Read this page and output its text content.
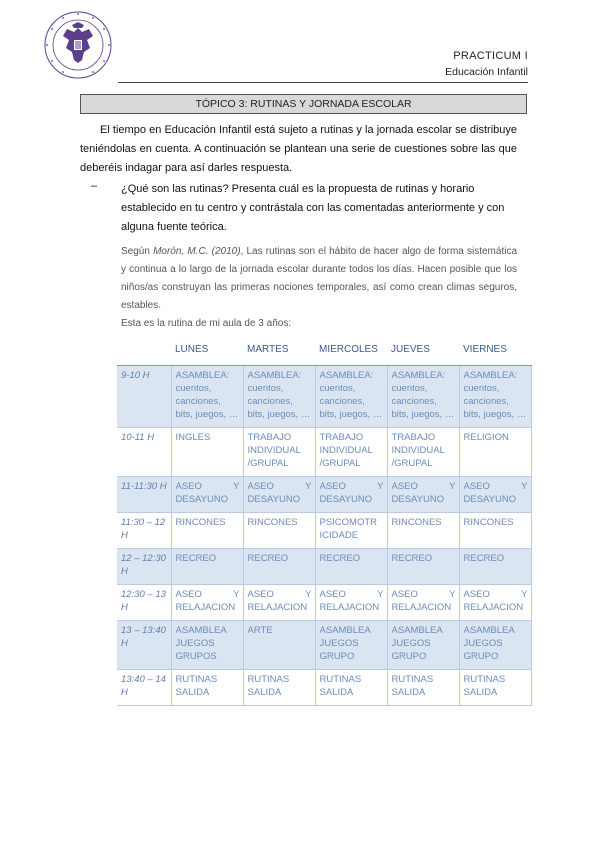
PRACTICUM I
Educación Infantil
TÓPICO 3: RUTINAS Y JORNADA ESCOLAR

El tiempo en Educación Infantil está sujeto a rutinas y la jornada escolar se distribuye teniéndolas en cuenta. A continuación se plantean una serie de cuestiones sobre las que deberéis indagar para así darles respuesta.

– ¿Qué son las rutinas? Presenta cuál es la propuesta de rutinas y horario establecido en tu centro y contrástala con las comentadas anteriormente y con alguna fuente teórica.
Según Morón, M.C. (2010), Las rutinas son el hábito de hacer algo de forma sistemática y continua a lo largo de la jornada escolar durante todos los días. Hacen posible que los niños/as construyan las primeras nociones temporales, así como crean climas seguros, estables.
Esta es la rutina de mi aula de 3 años:
	LUNES	MARTES	MIERCOLES	JUEVES	VIERNES
9-10 H	ASAMBLEA: cuentos, canciones, bits, juegos, …	ASAMBLEA: cuentos, canciones, bits, juegos, …	ASAMBLEA: cuentos, canciones, bits, juegos, …	ASAMBLEA: cuentos, canciones, bits, juegos, …	ASAMBLEA: cuentos, canciones, bits, juegos, …
10-11 H	INGLES	TRABAJO INDIVIDUAL /GRUPAL	TRABAJO INDIVIDUAL /GRUPAL	TRABAJO INDIVIDUAL /GRUPAL	RELIGION
11-11:30 H	ASEO Y DESAYUNO	ASEO Y DESAYUNO	ASEO Y DESAYUNO	ASEO Y DESAYUNO	ASEO Y DESAYUNO
11:30 – 12 H	RINCONES	RINCONES	PSICOMOTR ICIDADE	RINCONES	RINCONES
12 – 12:30 H	RECREO	RECREO	RECREO	RECREO	RECREO
12:30 – 13 H	ASEO Y RELAJACION	ASEO Y RELAJACION	ASEO Y RELAJACION	ASEO Y RELAJACION	ASEO Y RELAJACION
13 – 13:40 H	ASAMBLEA JUEGOS GRUPOS	ARTE	ASAMBLEA JUEGOS GRUPO	ASAMBLEA JUEGOS GRUPO	ASAMBLEA JUEGOS GRUPO
13:40 – 14 H	RUTINAS SALIDA	RUTINAS SALIDA	RUTINAS SALIDA	RUTINAS SALIDA	RUTINAS SALIDA
